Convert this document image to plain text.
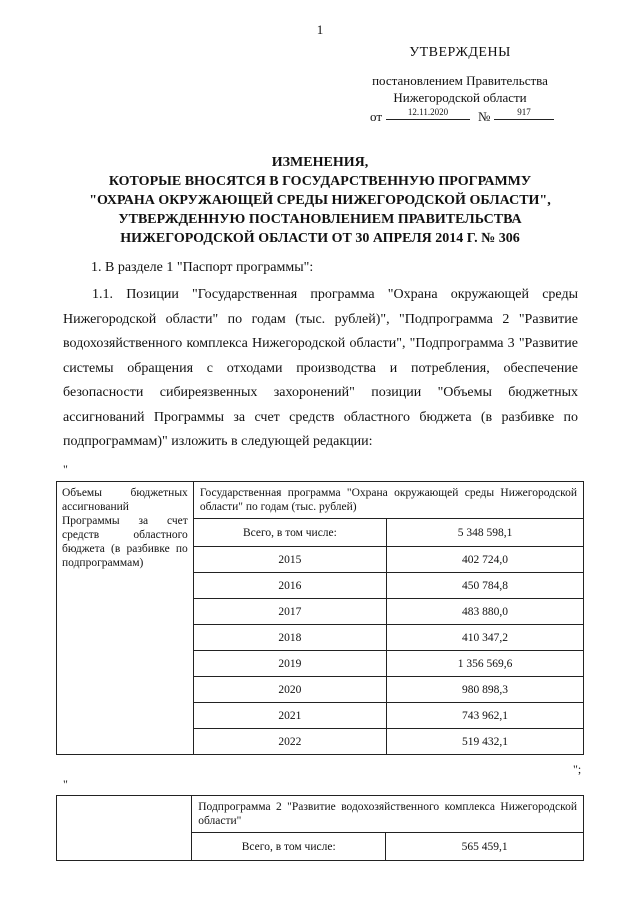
1
УТВЕРЖДЕНЫ
постановлением Правительства
Нижегородской области
от	12.11.2020	№	917
ИЗМЕНЕНИЯ,
КОТОРЫЕ ВНОСЯТСЯ В ГОСУДАРСТВЕННУЮ ПРОГРАММУ
"ОХРАНА ОКРУЖАЮЩЕЙ СРЕДЫ НИЖЕГОРОДСКОЙ ОБЛАСТИ",
УТВЕРЖДЕННУЮ ПОСТАНОВЛЕНИЕМ ПРАВИТЕЛЬСТВА
НИЖЕГОРОДСКОЙ ОБЛАСТИ ОТ 30 АПРЕЛЯ 2014 Г. № 306
1. В разделе 1 "Паспорт программы":
1.1. Позиции "Государственная программа "Охрана окружающей среды Нижегородской области" по годам (тыс. рублей)", "Подпрограмма 2 "Развитие водохозяйственного комплекса Нижегородской области", "Подпрограмма 3 "Развитие системы обращения с отходами производства и потребления, обеспечение безопасности сибиреязвенных захоронений" позиции "Объемы бюджетных ассигнований Программы за счет средств областного бюджета (в разбивке по подпрограммам)" изложить в следующей редакции:
"
Объемы бюджетных ассигнований Программы за счет средств областного бюджета (в разбивке по подпрограммам)	Государственная программа "Охрана окружающей среды Нижегородской области" по годам (тыс. рублей)	
	Всего, в том числе:	5 348 598,1
	2015	402 724,0
	2016	450 784,8
	2017	483 880,0
	2018	410 347,2
	2019	1 356 569,6
	2020	980 898,3
	2021	743 962,1
	2022	519 432,1
";
"
	Подпрограмма 2 "Развитие водохозяйственного комплекса Нижегородской области"	
	Всего, в том числе:	565 459,1
